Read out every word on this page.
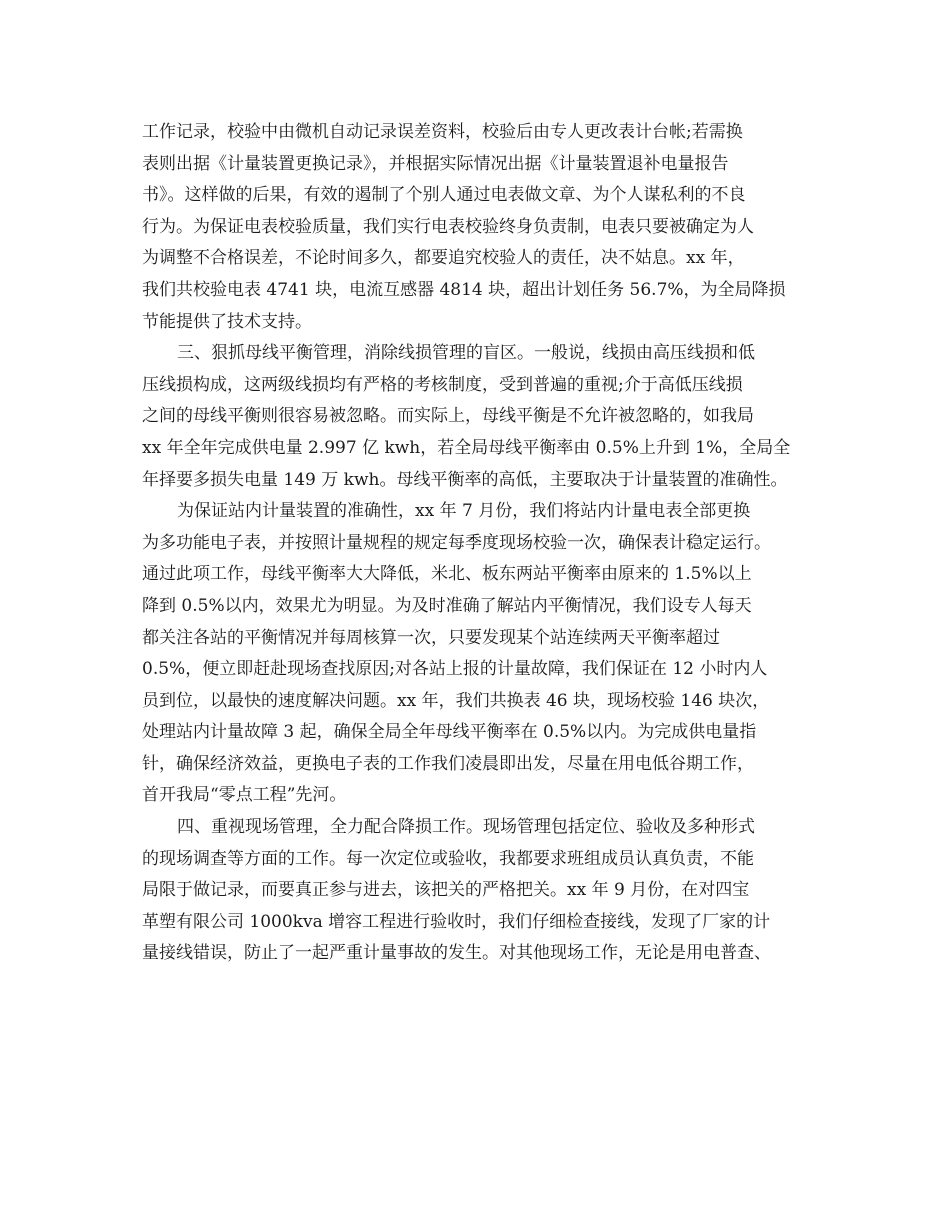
工作记录，校验中由微机自动记录误差资料，校验后由专人更改表计台帐;若需换
表则出据《计量装置更换记录》，并根据实际情况出据《计量装置退补电量报告
书》。这样做的后果，有效的遏制了个别人通过电表做文章、为个人谋私利的不良
行为。为保证电表校验质量，我们实行电表校验终身负责制，电表只要被确定为人
为调整不合格误差，不论时间多久，都要追究校验人的责任，决不姑息。xx 年，
我们共校验电表 4741 块，电流互感器 4814 块，超出计划任务 56.7%，为全局降损
节能提供了技术支持。
三、狠抓母线平衡管理，消除线损管理的盲区。一般说，线损由高压线损和低
压线损构成，这两级线损均有严格的考核制度，受到普遍的重视;介于高低压线损
之间的母线平衡则很容易被忽略。而实际上，母线平衡是不允许被忽略的，如我局
xx 年全年完成供电量 2.997 亿 kwh，若全局母线平衡率由 0.5%上升到 1%，全局全
年择要多损失电量 149 万 kwh。母线平衡率的高低，主要取决于计量装置的准确性。
为保证站内计量装置的准确性，xx 年 7 月份，我们将站内计量电表全部更换
为多功能电子表，并按照计量规程的规定每季度现场校验一次，确保表计稳定运行。
通过此项工作，母线平衡率大大降低，米北、板东两站平衡率由原来的 1.5%以上
降到 0.5%以内，效果尤为明显。为及时准确了解站内平衡情况，我们设专人每天
都关注各站的平衡情况并每周核算一次，只要发现某个站连续两天平衡率超过
0.5%，便立即赶赴现场查找原因;对各站上报的计量故障，我们保证在 12 小时内人
员到位，以最快的速度解决问题。xx 年，我们共换表 46 块，现场校验 146 块次，
处理站内计量故障 3 起，确保全局全年母线平衡率在 0.5%以内。为完成供电量指
针，确保经济效益，更换电子表的工作我们凌晨即出发，尽量在用电低谷期工作，
首开我局“零点工程”先河。
四、重视现场管理，全力配合降损工作。现场管理包括定位、验收及多种形式
的现场调查等方面的工作。每一次定位或验收，我都要求班组成员认真负责，不能
局限于做记录，而要真正参与进去，该把关的严格把关。xx 年 9 月份，在对四宝
革塑有限公司 1000kva 增容工程进行验收时，我们仔细检查接线，发现了厂家的计
量接线错误，防止了一起严重计量事故的发生。对其他现场工作，无论是用电普查、
